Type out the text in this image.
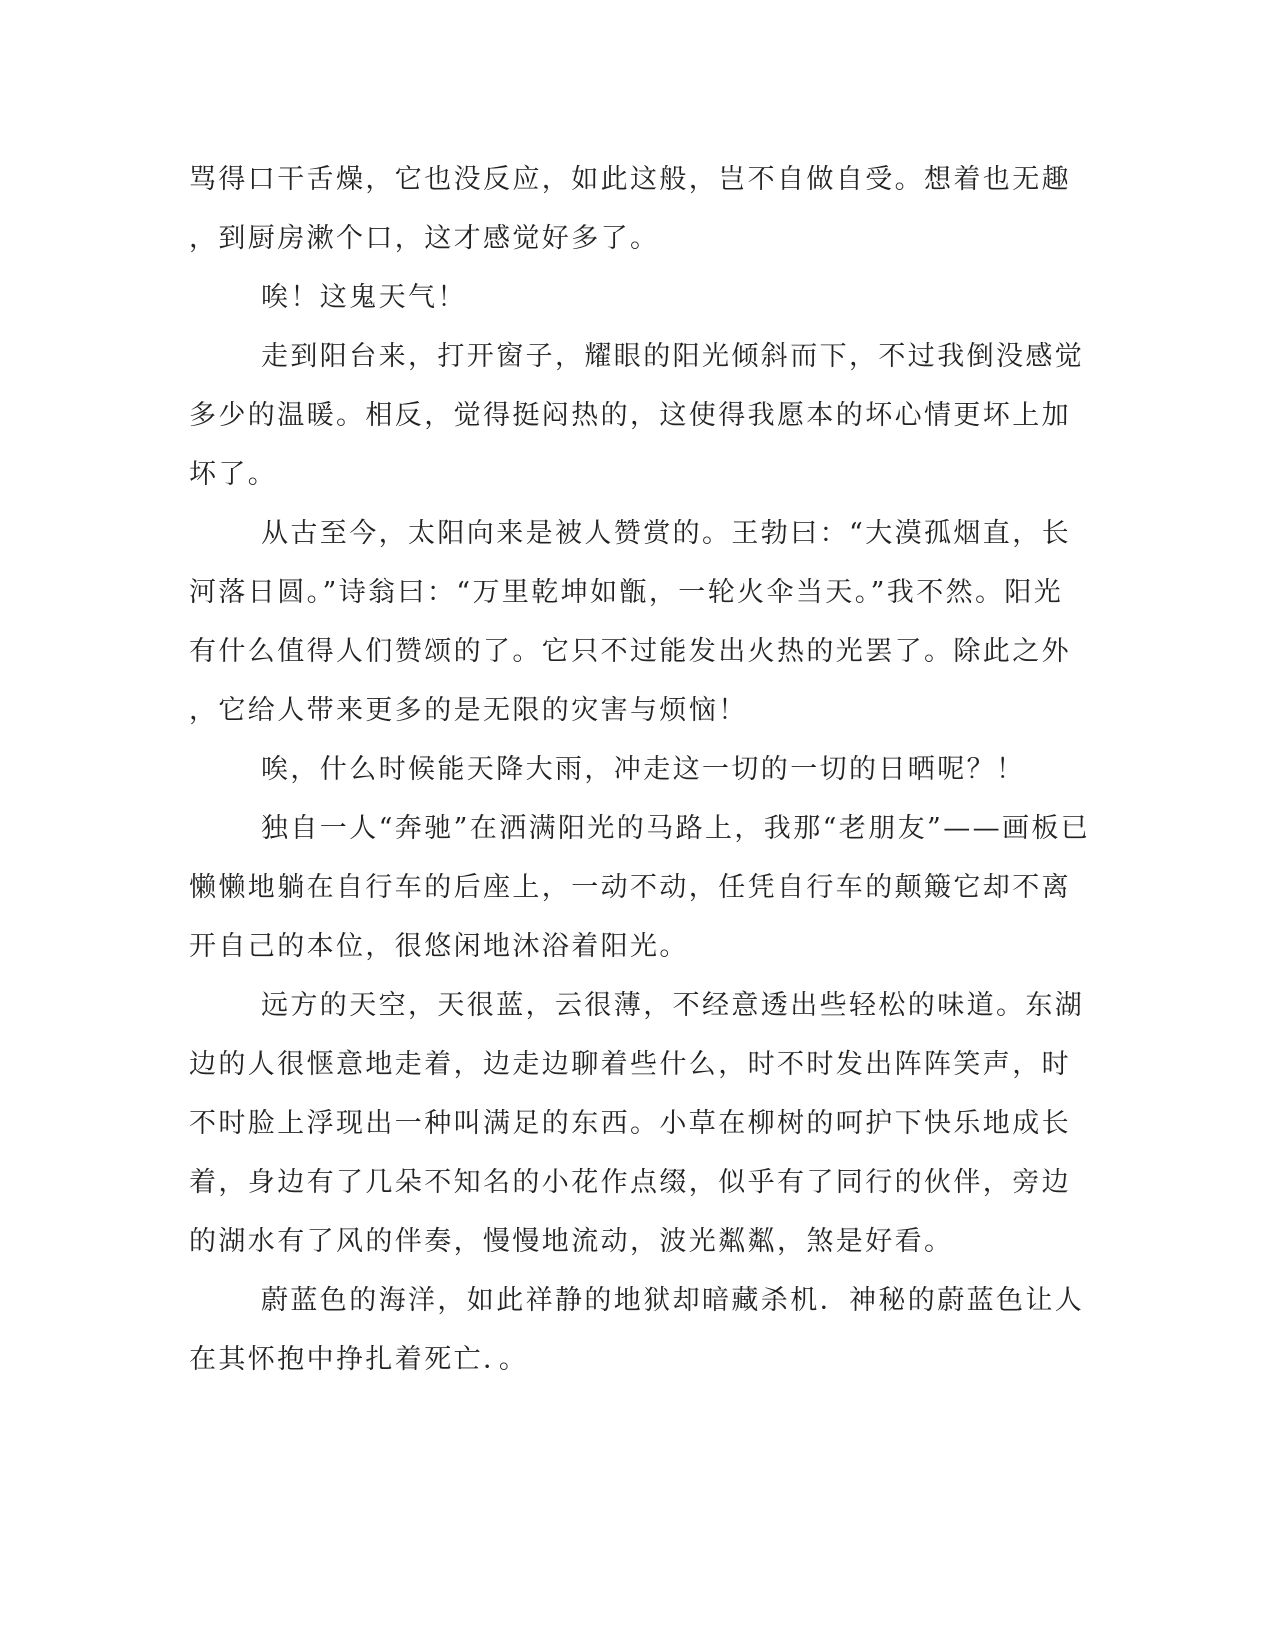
骂得口干舌燥，它也没反应，如此这般，岂不自做自受。想着也无趣

，到厨房漱个口，这才感觉好多了。

唉！这鬼天气！

走到阳台来，打开窗子，耀眼的阳光倾斜而下，不过我倒没感觉

多少的温暖。相反，觉得挺闷热的，这使得我愿本的坏心情更坏上加

坏了。

从古至今，太阳向来是被人赞赏的。王勃曰：“大漠孤烟直，长

河落日圆。”诗翁曰：“万里乾坤如甑，一轮火伞当天。”我不然。阳光

有什么值得人们赞颂的了。它只不过能发出火热的光罢了。除此之外

，它给人带来更多的是无限的灾害与烦恼！

唉，什么时候能天降大雨，冲走这一切的一切的日晒呢？！

独自一人“奔驰”在洒满阳光的马路上，我那“老朋友”——画板已

懒懒地躺在自行车的后座上，一动不动，任凭自行车的颠簸它却不离

开自己的本位，很悠闲地沐浴着阳光。

远方的天空，天很蓝，云很薄，不经意透出些轻松的味道。东湖

边的人很惬意地走着，边走边聊着些什么，时不时发出阵阵笑声，时

不时脸上浮现出一种叫满足的东西。小草在柳树的呵护下快乐地成长

着，身边有了几朵不知名的小花作点缀，似乎有了同行的伙伴，旁边

的湖水有了风的伴奏，慢慢地流动，波光粼粼，煞是好看。

蔚蓝色的海洋，如此祥静的地狱却暗藏杀机．神秘的蔚蓝色让人

在其怀抱中挣扎着死亡．。
